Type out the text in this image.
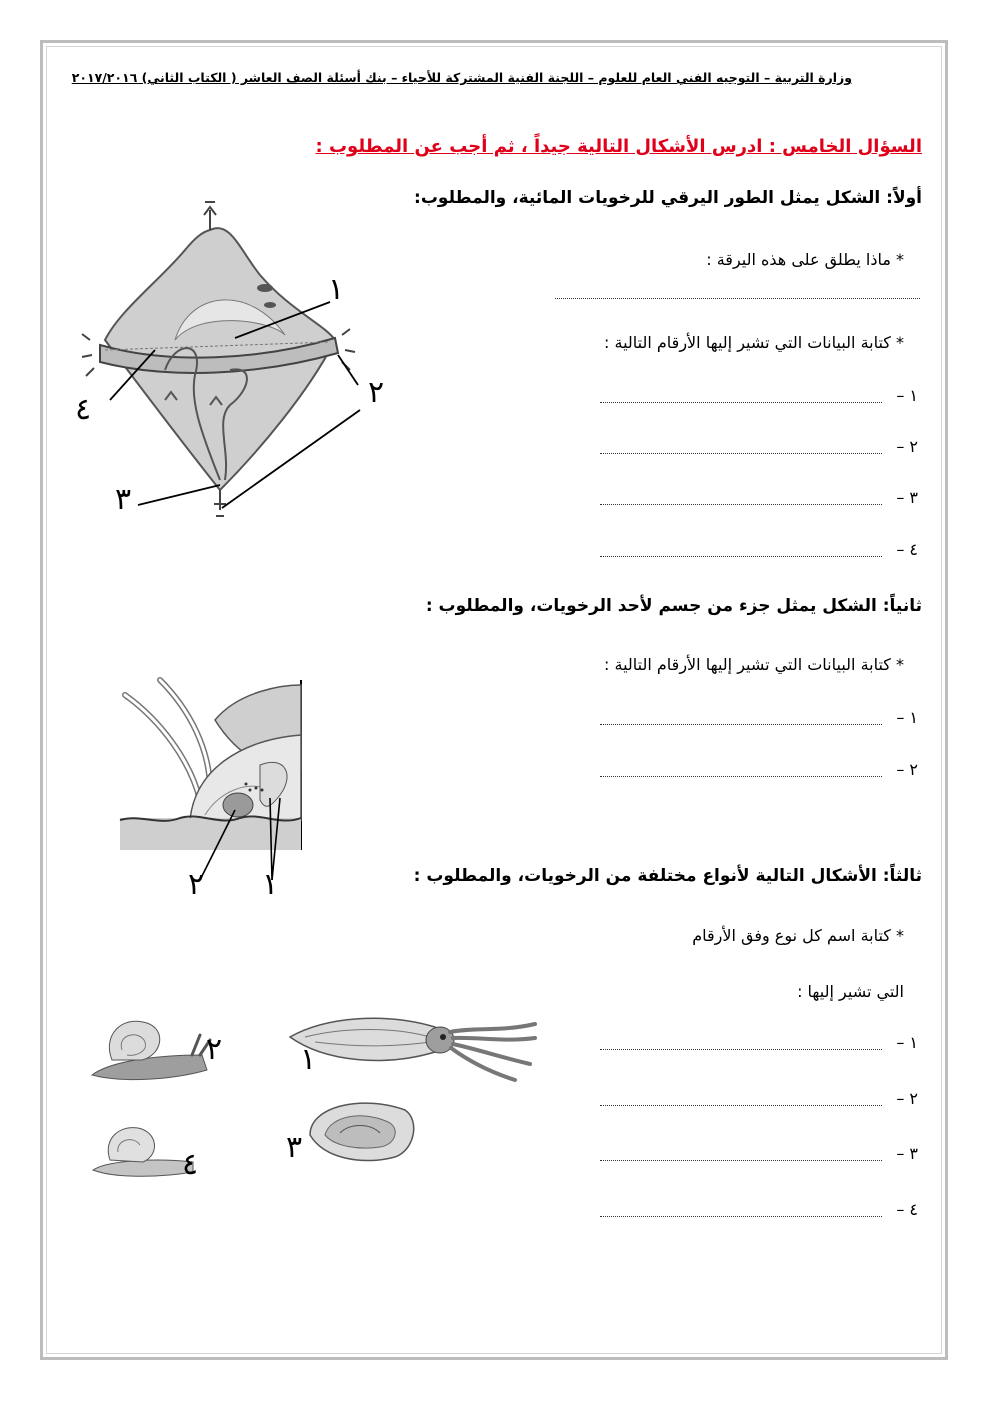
وزارة التربية – التوجيه الفني العام للعلوم – اللجنة الفنية المشتركة للأحياء – بنك أسئلة الصف العاشر ( الكتاب الثاني) ٢٠١٧/٢٠١٦
السؤال الخامس : ادرس الأشكال التالية جيداً ، ثم أجب عن المطلوب :
أولاً: الشكل يمثل الطور اليرقي للرخويات المائية، والمطلوب:
* ماذا يطلق على هذه اليرقة :
* كتابة البيانات التي تشير إليها الأرقام التالية :
١ –
٢ –
٣ –
٤ –
١
٢
٣
٤
ثانياً: الشكل يمثل جزء من جسم لأحد الرخويات، والمطلوب :
* كتابة البيانات التي تشير إليها الأرقام التالية :
١ –
٢ –
٢ ١	ثالثاً: الأشكال التالية لأنواع مختلفة من الرخويات، والمطلوب :
* كتابة اسم كل نوع وفق الأرقام
التي تشير إليها :
١ –
٢ –
٣ –
٤ –
١
٢
٣
٤
